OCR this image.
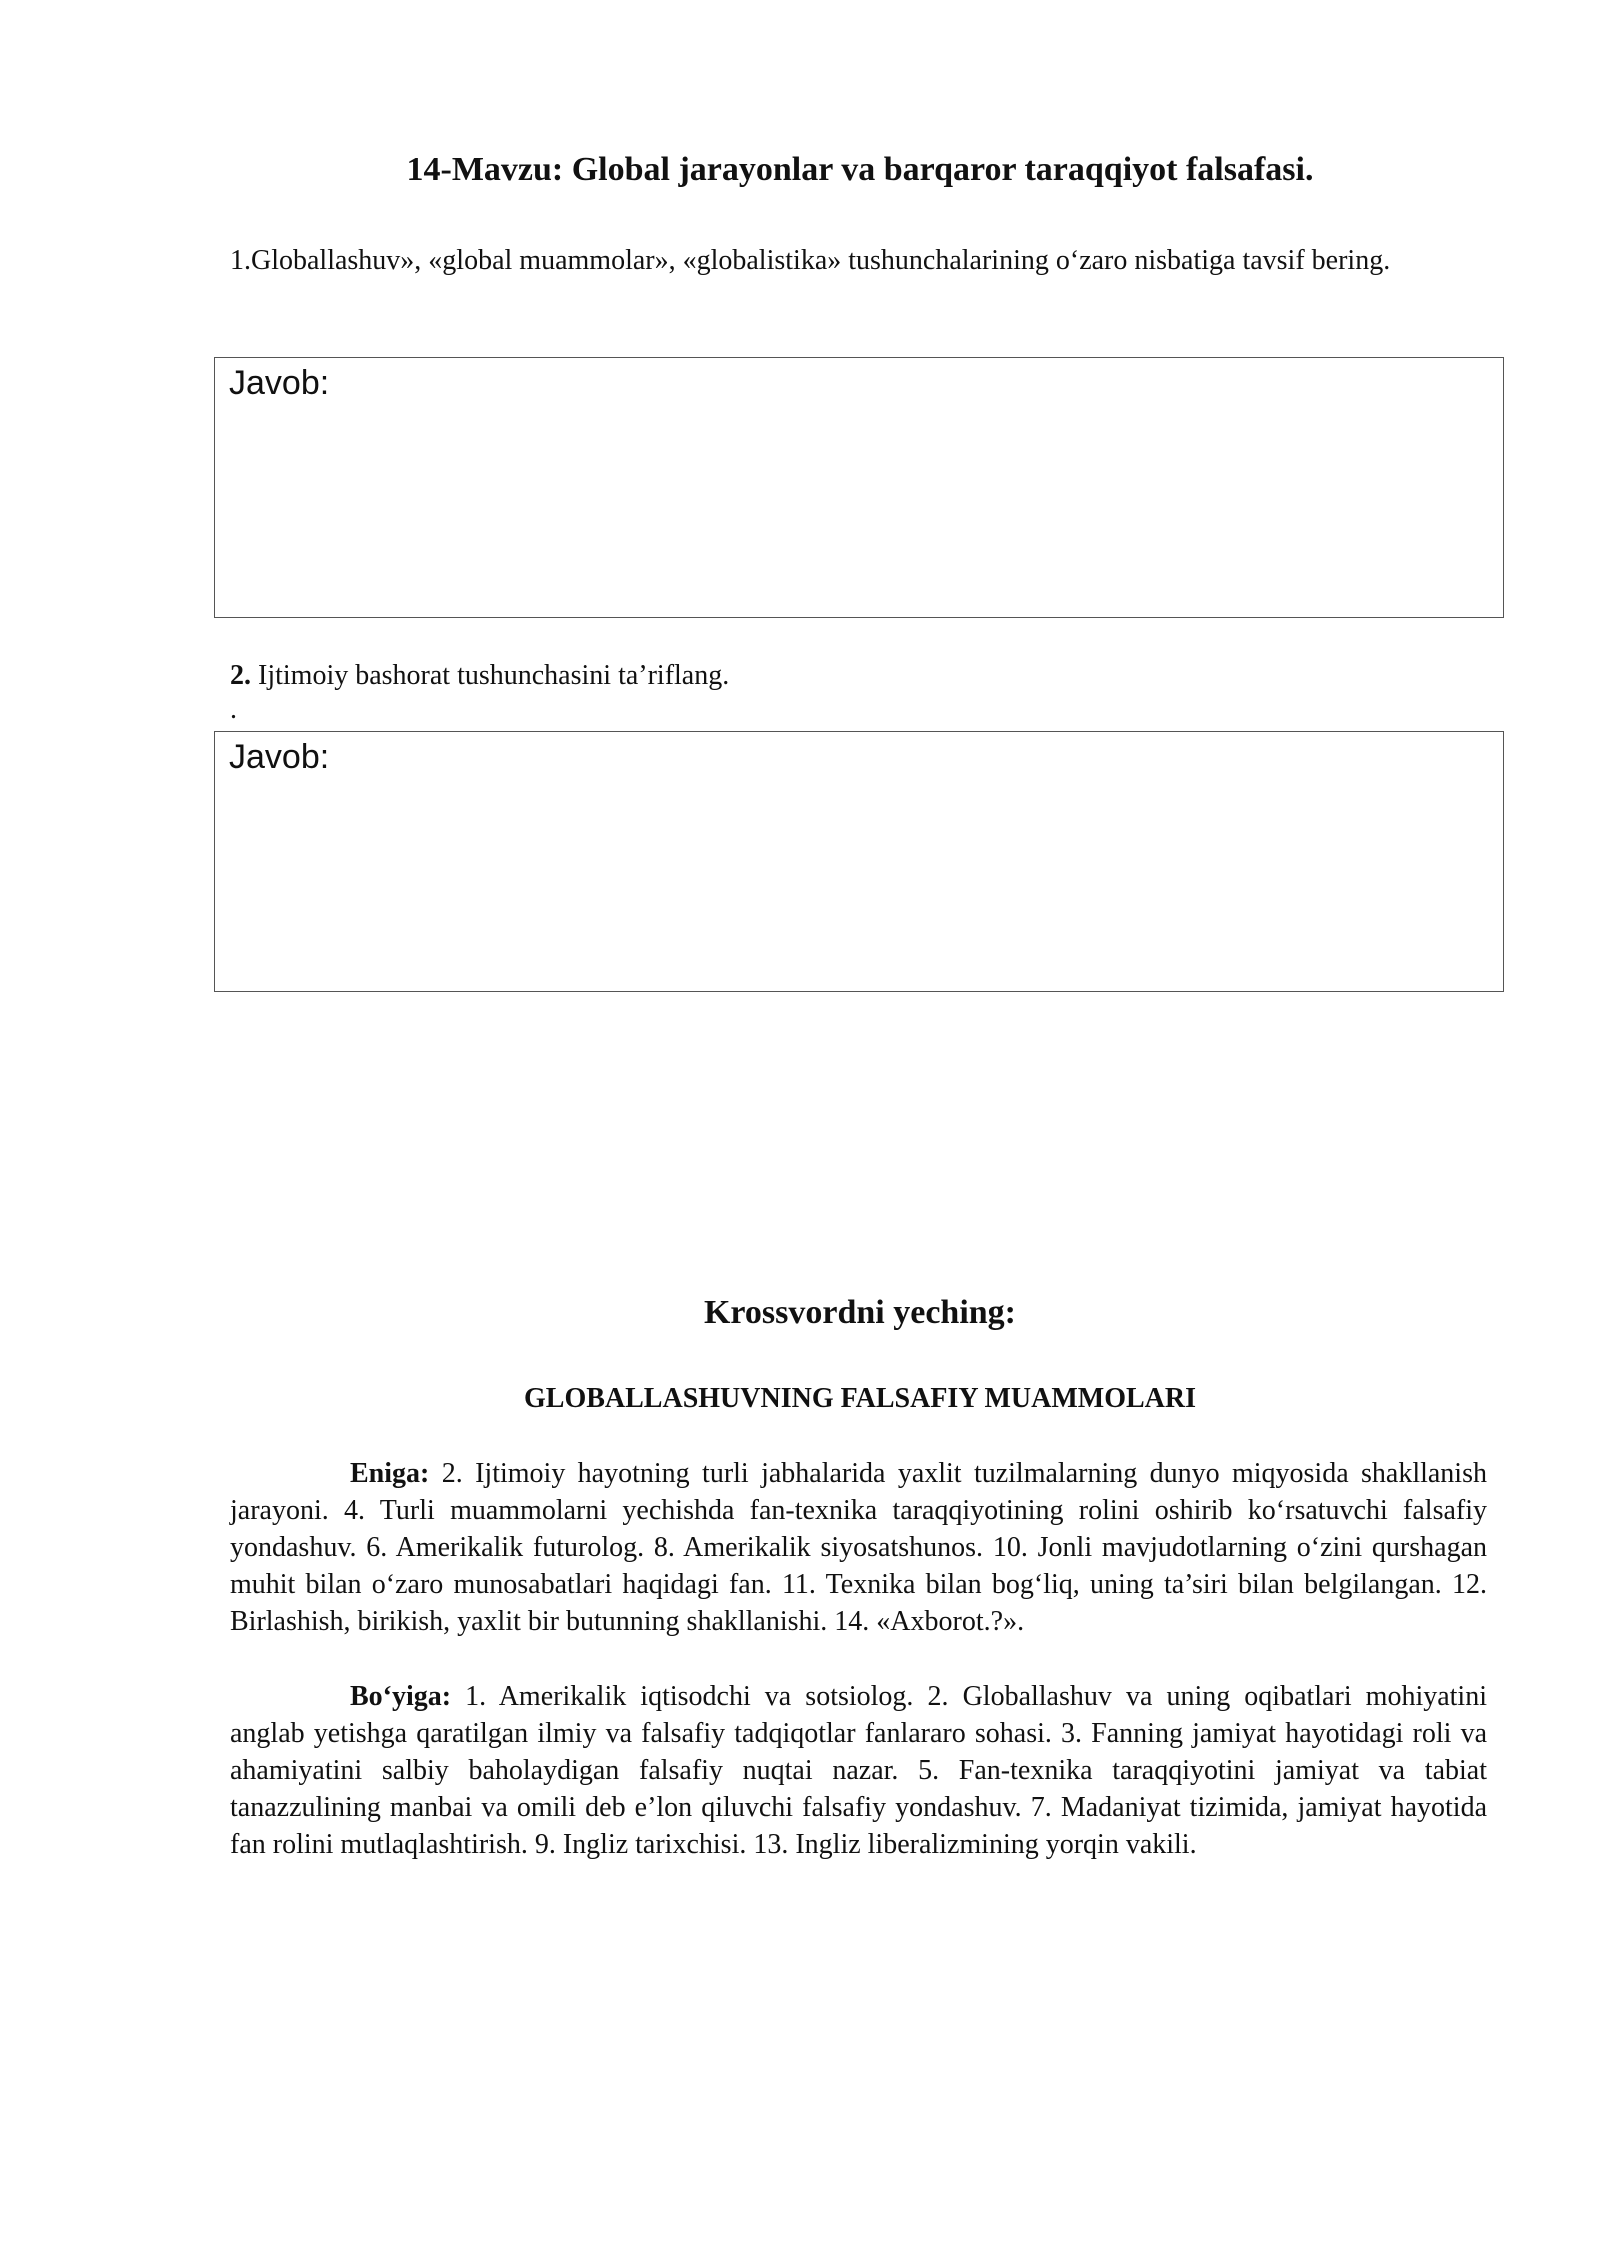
14-Mavzu: Global jarayonlar va barqaror taraqqiyot falsafasi.

1.Globallashuv», «global muammolar», «globalistika» tushunchalarining o‘zaro nisbatiga tavsif bering.

Javob:

2. Ijtimoiy bashorat tushunchasini ta’riflang.

.

Javob:

Krossvordni yeching:
GLOBALLASHUVNING FALSAFIY MUAMMOLARI

Eniga: 2. Ijtimoiy hayotning turli jabhalarida yaxlit tuzilmalarning dunyo miqyosida shakllanish jarayoni. 4. Turli muammolarni yechishda fan-texnika taraqqiyotining rolini oshirib ko‘rsatuvchi falsafiy yondashuv. 6. Amerikalik futurolog. 8. Amerikalik siyosatshunos. 10. Jonli mavjudotlarning o‘zini qurshagan muhit bilan o‘zaro munosabatlari haqidagi fan. 11. Texnika bilan bog‘liq, uning ta’siri bilan belgilangan. 12. Birlashish, birikish, yaxlit bir butunning shakllanishi. 14. «Axborot.?».

Bo‘yiga: 1. Amerikalik iqtisodchi va sotsiolog. 2. Globallashuv va uning oqibatlari mohiyatini anglab yetishga qaratilgan ilmiy va falsafiy tadqiqotlar fanlararo sohasi. 3. Fanning jamiyat hayotidagi roli va ahamiyatini salbiy baholaydigan falsafiy nuqtai nazar. 5. Fan-texnika taraqqiyotini jamiyat va tabiat tanazzulining manbai va omili deb e’lon qiluvchi falsafiy yondashuv. 7. Madaniyat tizimida, jamiyat hayotida fan rolini mutlaqlashtirish. 9. Ingliz tarixchisi. 13. Ingliz liberalizmining yorqin vakili.
